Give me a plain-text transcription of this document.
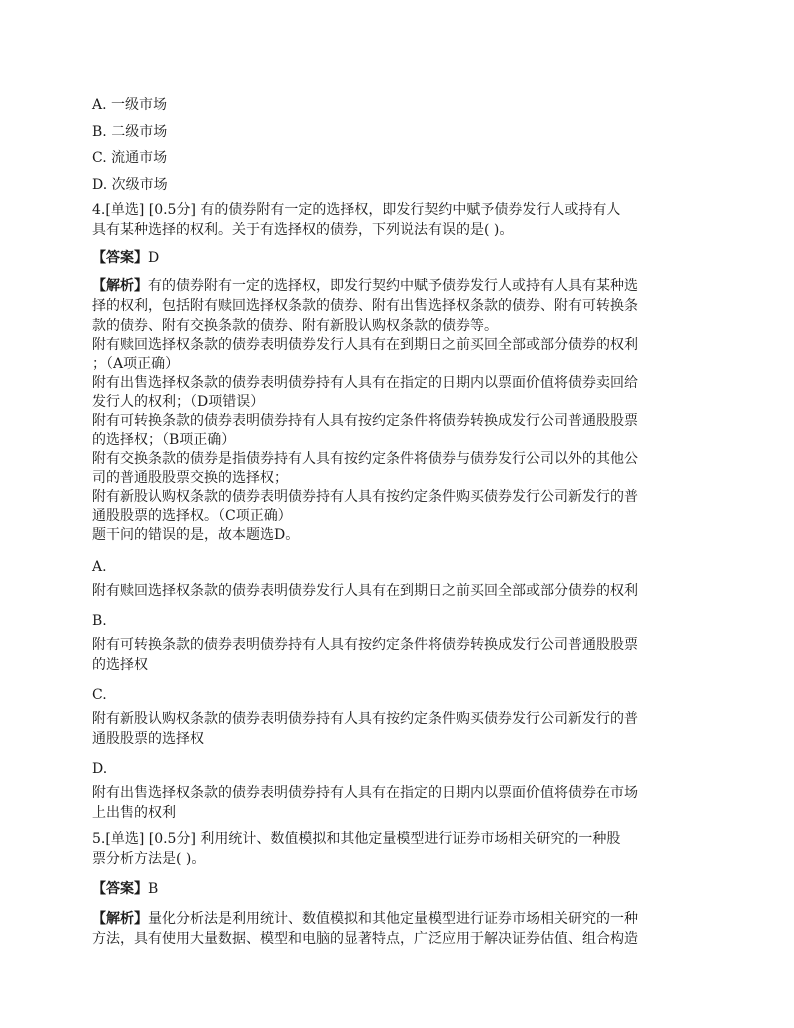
A. 一级市场
B. 二级市场
C. 流通市场
D. 次级市场
4.[单选] [0.5分] 有的债券附有一定的选择权，即发行契约中赋予债券发行人或持有人
具有某种选择的权利。关于有选择权的债券，下列说法有误的是( )。
【答案】D
【解析】有的债券附有一定的选择权，即发行契约中赋予债券发行人或持有人具有某种选
择的权利，包括附有赎回选择权条款的债券、附有出售选择权条款的债券、附有可转换条
款的债券、附有交换条款的债券、附有新股认购权条款的债券等。
附有赎回选择权条款的债券表明债券发行人具有在到期日之前买回全部或部分债券的权利
；（A项正确）
附有出售选择权条款的债券表明债券持有人具有在指定的日期内以票面价值将债券卖回给
发行人的权利；（D项错误）
附有可转换条款的债券表明债券持有人具有按约定条件将债券转换成发行公司普通股股票
的选择权；（B项正确）
附有交换条款的债券是指债券持有人具有按约定条件将债券与债券发行公司以外的其他公
司的普通股股票交换的选择权；
附有新股认购权条款的债券表明债券持有人具有按约定条件购买债券发行公司新发行的普
通股股票的选择权。（C项正确）
题干问的错误的是，故本题选D。
A.
附有赎回选择权条款的债券表明债券发行人具有在到期日之前买回全部或部分债券的权利
B.
附有可转换条款的债券表明债券持有人具有按约定条件将债券转换成发行公司普通股股票
的选择权
C.
附有新股认购权条款的债券表明债券持有人具有按约定条件购买债券发行公司新发行的普
通股股票的选择权
D.
附有出售选择权条款的债券表明债券持有人具有在指定的日期内以票面价值将债券在市场
上出售的权利
5.[单选] [0.5分] 利用统计、数值模拟和其他定量模型进行证券市场相关研究的一种股
票分析方法是( )。
【答案】B
【解析】量化分析法是利用统计、数值模拟和其他定量模型进行证券市场相关研究的一种
方法，具有使用大量数据、模型和电脑的显著特点，广泛应用于解决证券估值、组合构造
